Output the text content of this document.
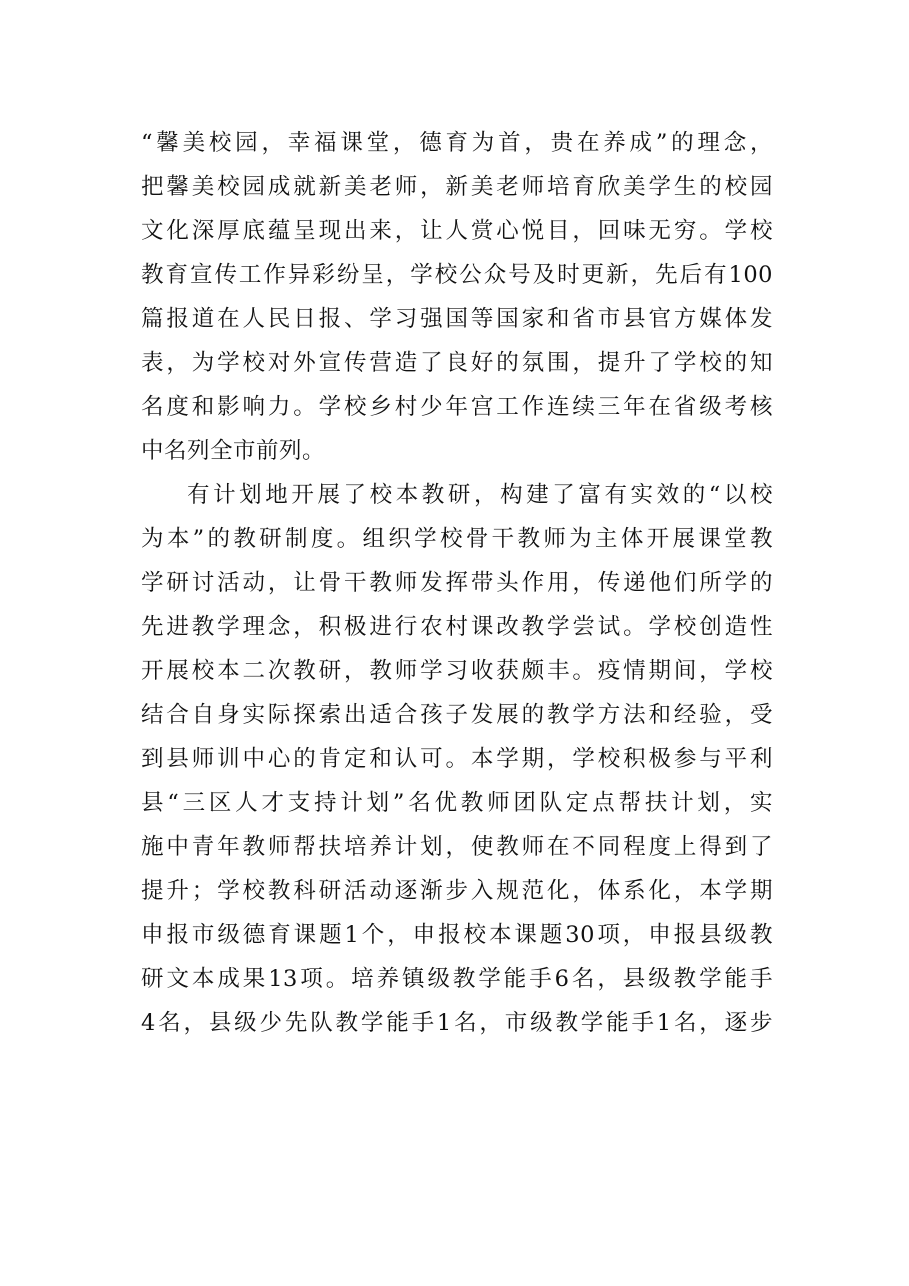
“馨美校园，幸福课堂，德育为首，贵在养成”的理念，
把馨美校园成就新美老师，新美老师培育欣美学生的校园
文化深厚底蕴呈现出来，让人赏心悦目，回味无穷。学校
教育宣传工作异彩纷呈，学校公众号及时更新，先后有100
篇报道在人民日报、学习强国等国家和省市县官方媒体发
表，为学校对外宣传营造了良好的氛围，提升了学校的知
名度和影响力。学校乡村少年宫工作连续三年在省级考核
中名列全市前列。
有计划地开展了校本教研，构建了富有实效的“以校
为本”的教研制度。组织学校骨干教师为主体开展课堂教
学研讨活动，让骨干教师发挥带头作用，传递他们所学的
先进教学理念，积极进行农村课改教学尝试。学校创造性
开展校本二次教研，教师学习收获颇丰。疫情期间，学校
结合自身实际探索出适合孩子发展的教学方法和经验，受
到县师训中心的肯定和认可。本学期，学校积极参与平利
县“三区人才支持计划”名优教师团队定点帮扶计划，实
施中青年教师帮扶培养计划，使教师在不同程度上得到了
提升；学校教科研活动逐渐步入规范化，体系化，本学期
申报市级德育课题1个，申报校本课题30项，申报县级教
研文本成果13项。培养镇级教学能手6名，县级教学能手
4名，县级少先队教学能手1名，市级教学能手1名，逐步
